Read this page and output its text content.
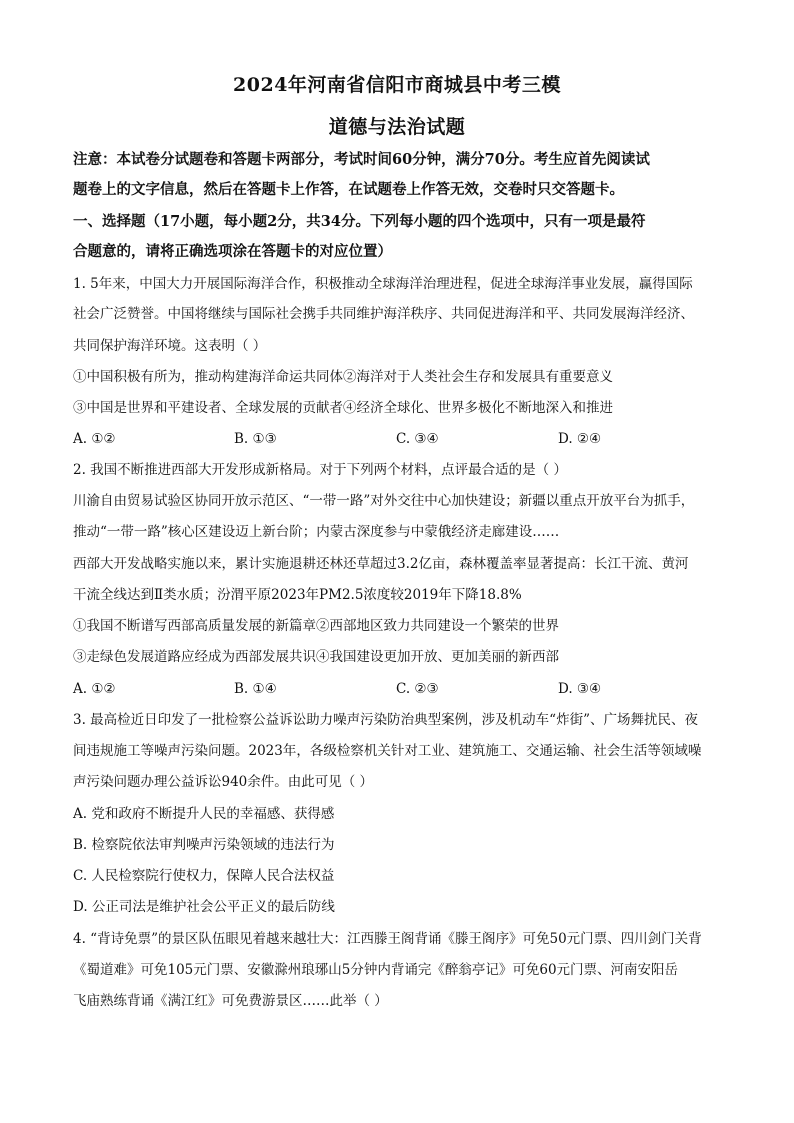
2024年河南省信阳市商城县中考三模
道德与法治试题
注意：本试卷分试题卷和答题卡两部分，考试时间60分钟，满分70分。考生应首先阅读试
题卷上的文字信息，然后在答题卡上作答，在试题卷上作答无效，交卷时只交答题卡。
一、选择题（17小题，每小题2分，共34分。下列每小题的四个选项中，只有一项是最符
合题意的，请将正确选项涂在答题卡的对应位置）
1. 5年来，中国大力开展国际海洋合作，积极推动全球海洋治理进程，促进全球海洋事业发展，赢得国际
社会广泛赞誉。中国将继续与国际社会携手共同维护海洋秩序、共同促进海洋和平、共同发展海洋经济、
共同保护海洋环境。这表明（ ）
①中国积极有所为，推动构建海洋命运共同体②海洋对于人类社会生存和发展具有重要意义
③中国是世界和平建设者、全球发展的贡献者④经济全球化、世界多极化不断地深入和推进
A. ①②	B. ①③	C. ③④	D. ②④
2. 我国不断推进西部大开发形成新格局。对于下列两个材料，点评最合适的是（ ）
川渝自由贸易试验区协同开放示范区、“一带一路”对外交往中心加快建设；新疆以重点开放平台为抓手，
推动“一带一路”核心区建设迈上新台阶；内蒙古深度参与中蒙俄经济走廊建设……
西部大开发战略实施以来，累计实施退耕还林还草超过3.2亿亩，森林覆盖率显著提高：长江干流、黄河
干流全线达到Ⅱ类水质；汾渭平原2023年PM2.5浓度较2019年下降18.8%
①我国不断谱写西部高质量发展的新篇章②西部地区致力共同建设一个繁荣的世界
③走绿色发展道路应经成为西部发展共识④我国建设更加开放、更加美丽的新西部
A. ①②	B. ①④	C. ②③	D. ③④
3. 最高检近日印发了一批检察公益诉讼助力噪声污染防治典型案例，涉及机动车“炸街”、广场舞扰民、夜
间违规施工等噪声污染问题。2023年，各级检察机关针对工业、建筑施工、交通运输、社会生活等领域噪
声污染问题办理公益诉讼940余件。由此可见（ ）
A. 党和政府不断提升人民的幸福感、获得感
B. 检察院依法审判噪声污染领域的违法行为
C. 人民检察院行使权力，保障人民合法权益
D. 公正司法是维护社会公平正义的最后防线
4. “背诗免票”的景区队伍眼见着越来越壮大：江西滕王阁背诵《滕王阁序》可免50元门票、四川剑门关背
《蜀道难》可免105元门票、安徽滁州琅琊山5分钟内背诵完《醉翁亭记》可免60元门票、河南安阳岳
飞庙熟练背诵《满江红》可免费游景区……此举（ ）
